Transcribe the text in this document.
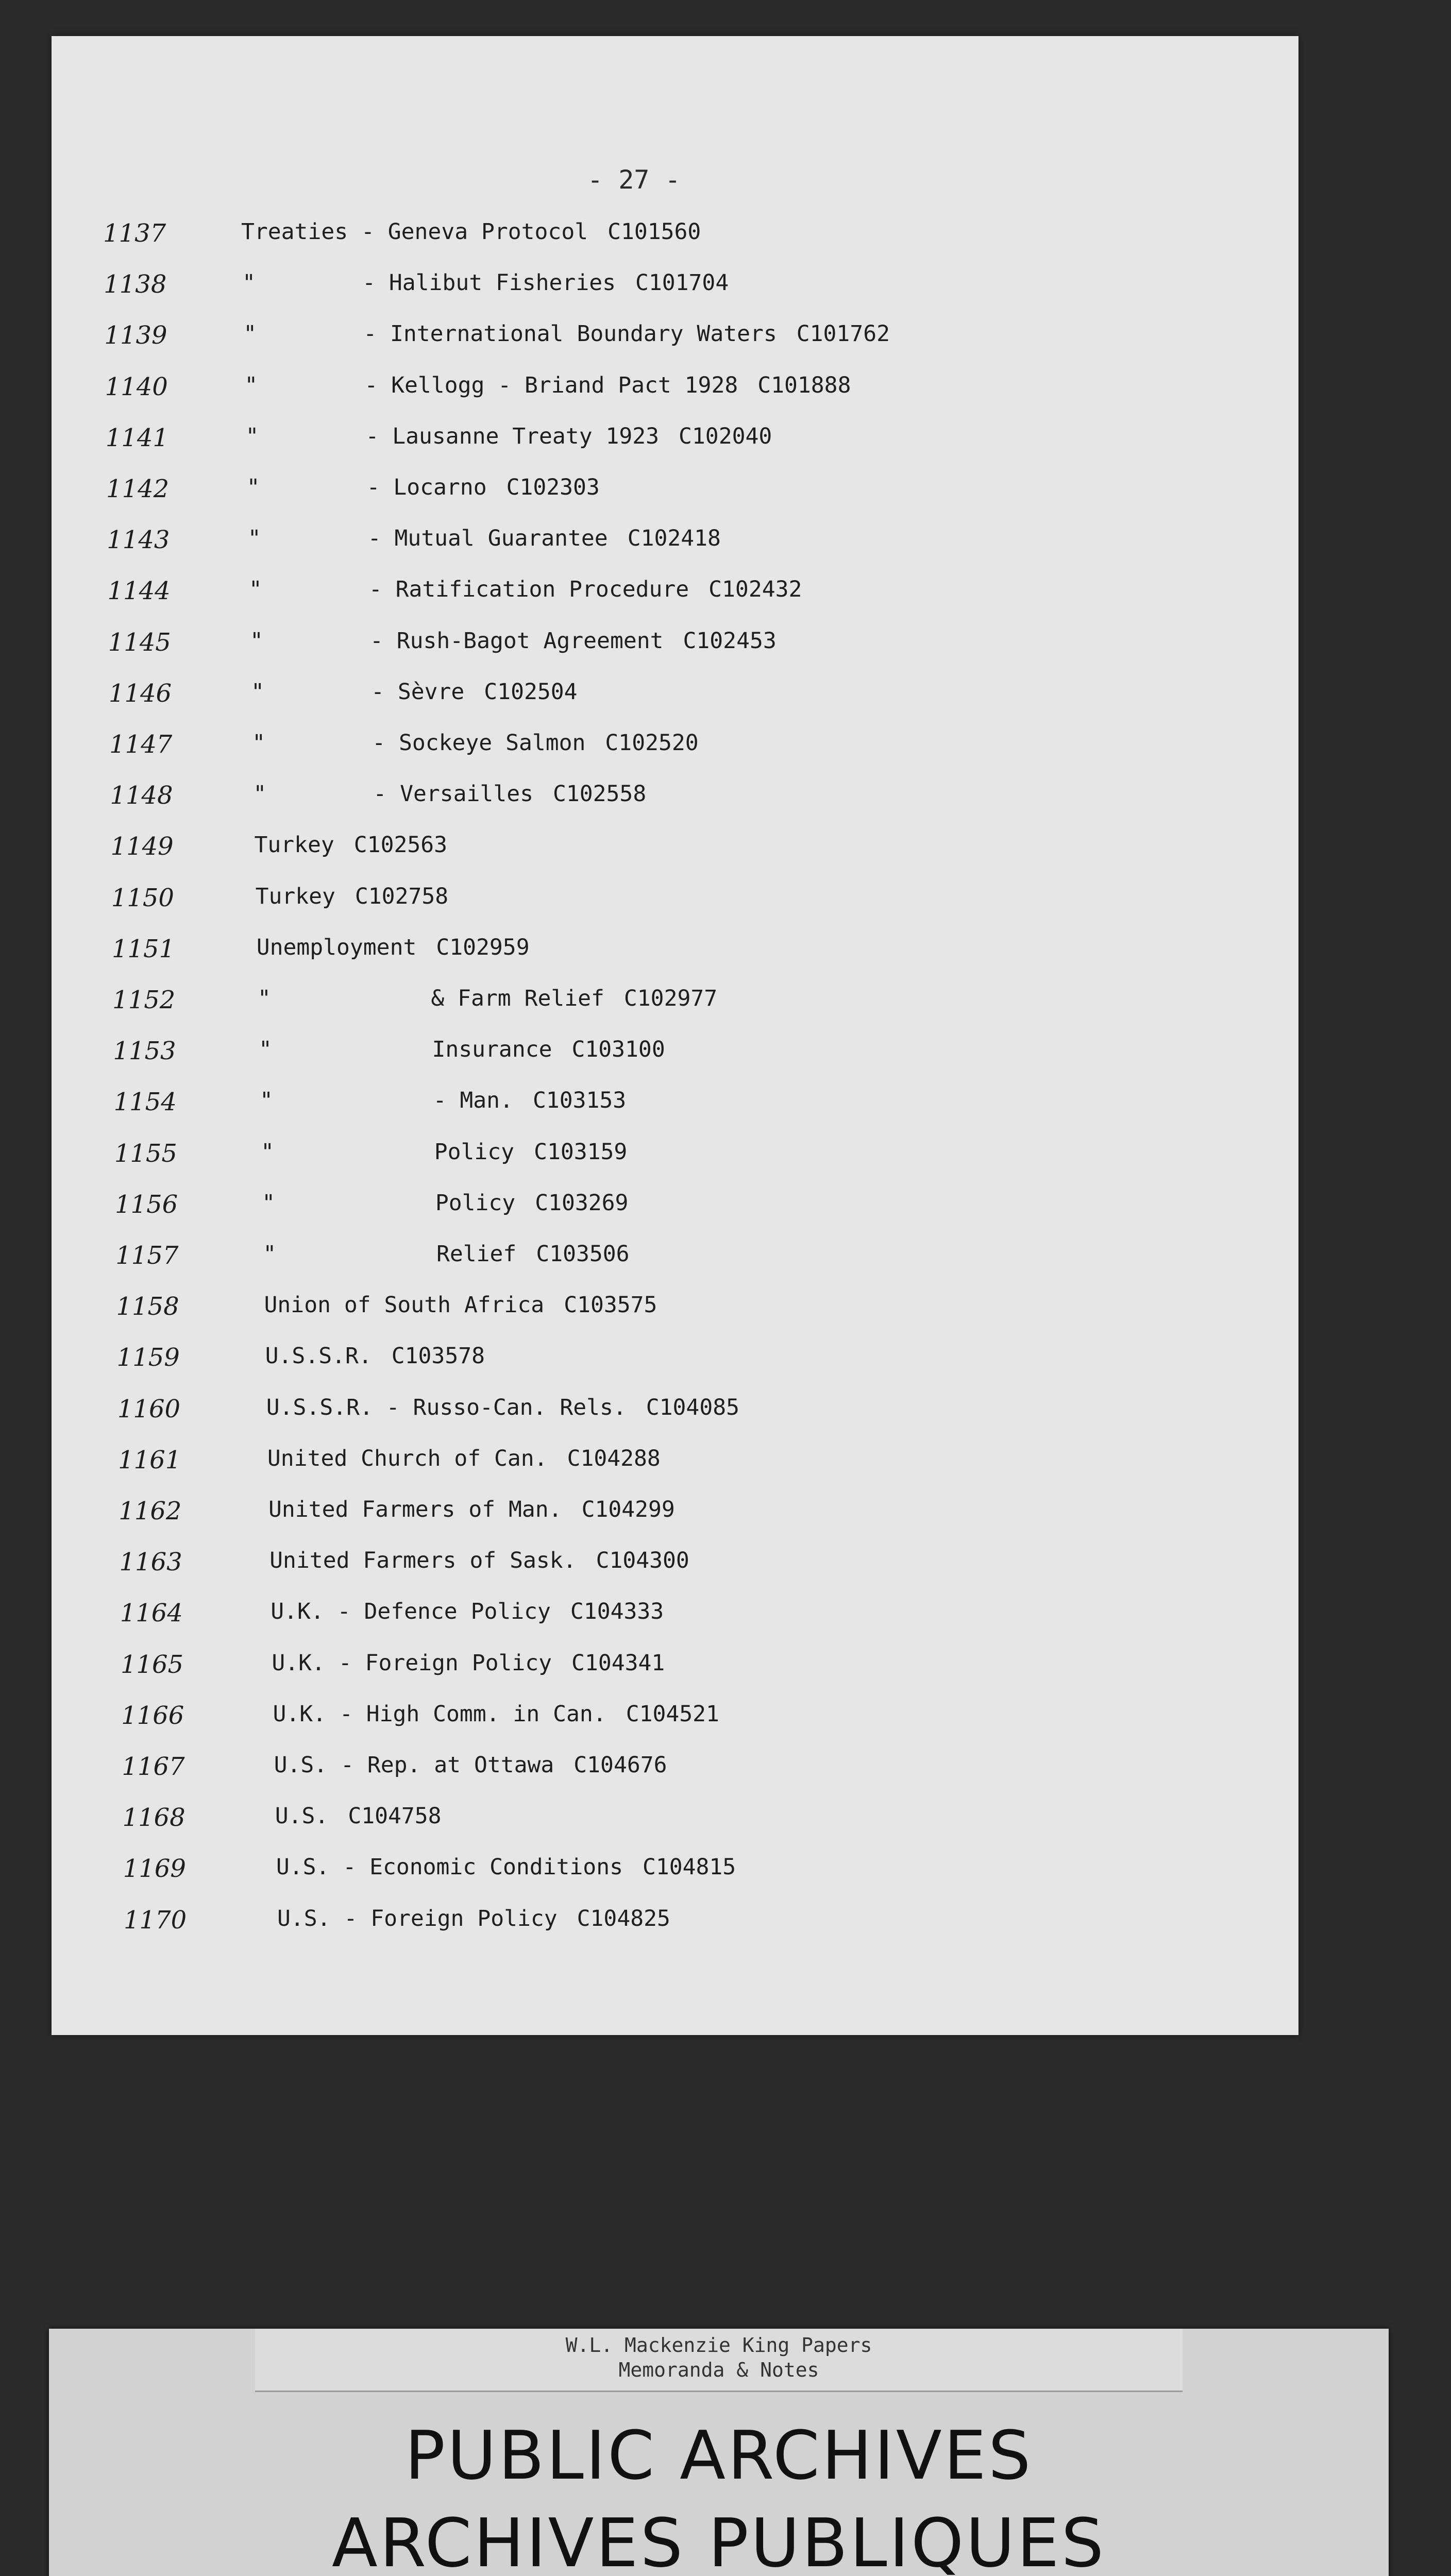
- 27 -
1137	Treaties - Geneva Protocol C101560
1138	"        - Halibut Fisheries C101704
1139	"        - International Boundary Waters C101762
1140	"        - Kellogg - Briand Pact 1928 C101888
1141	"        - Lausanne Treaty 1923 C102040
1142	"        - Locarno C102303
1143	"        - Mutual Guarantee C102418
1144	"        - Ratification Procedure C102432
1145	"        - Rush-Bagot Agreement C102453
1146	"        - Sèvre C102504
1147	"        - Sockeye Salmon C102520
1148	"        - Versailles C102558
1149	Turkey C102563
1150	Turkey C102758
1151	Unemployment C102959
1152	"            & Farm Relief C102977
1153	"            Insurance C103100
1154	"            - Man. C103153
1155	"            Policy C103159
1156	"            Policy C103269
1157	"            Relief C103506
1158	Union of South Africa C103575
1159	U.S.S.R. C103578
1160	U.S.S.R. - Russo-Can. Rels. C104085
1161	United Church of Can. C104288
1162	United Farmers of Man. C104299
1163	United Farmers of Sask. C104300
1164	U.K. - Defence Policy C104333
1165	U.K. - Foreign Policy C104341
1166	U.K. - High Comm. in Can. C104521
1167	U.S. - Rep. at Ottawa C104676
1168	U.S. C104758
1169	U.S. - Economic Conditions C104815
1170	U.S. - Foreign Policy C104825
W.L. Mackenzie King Papers
Memoranda & Notes
PUBLIC ARCHIVES
ARCHIVES PUBLIQUES
